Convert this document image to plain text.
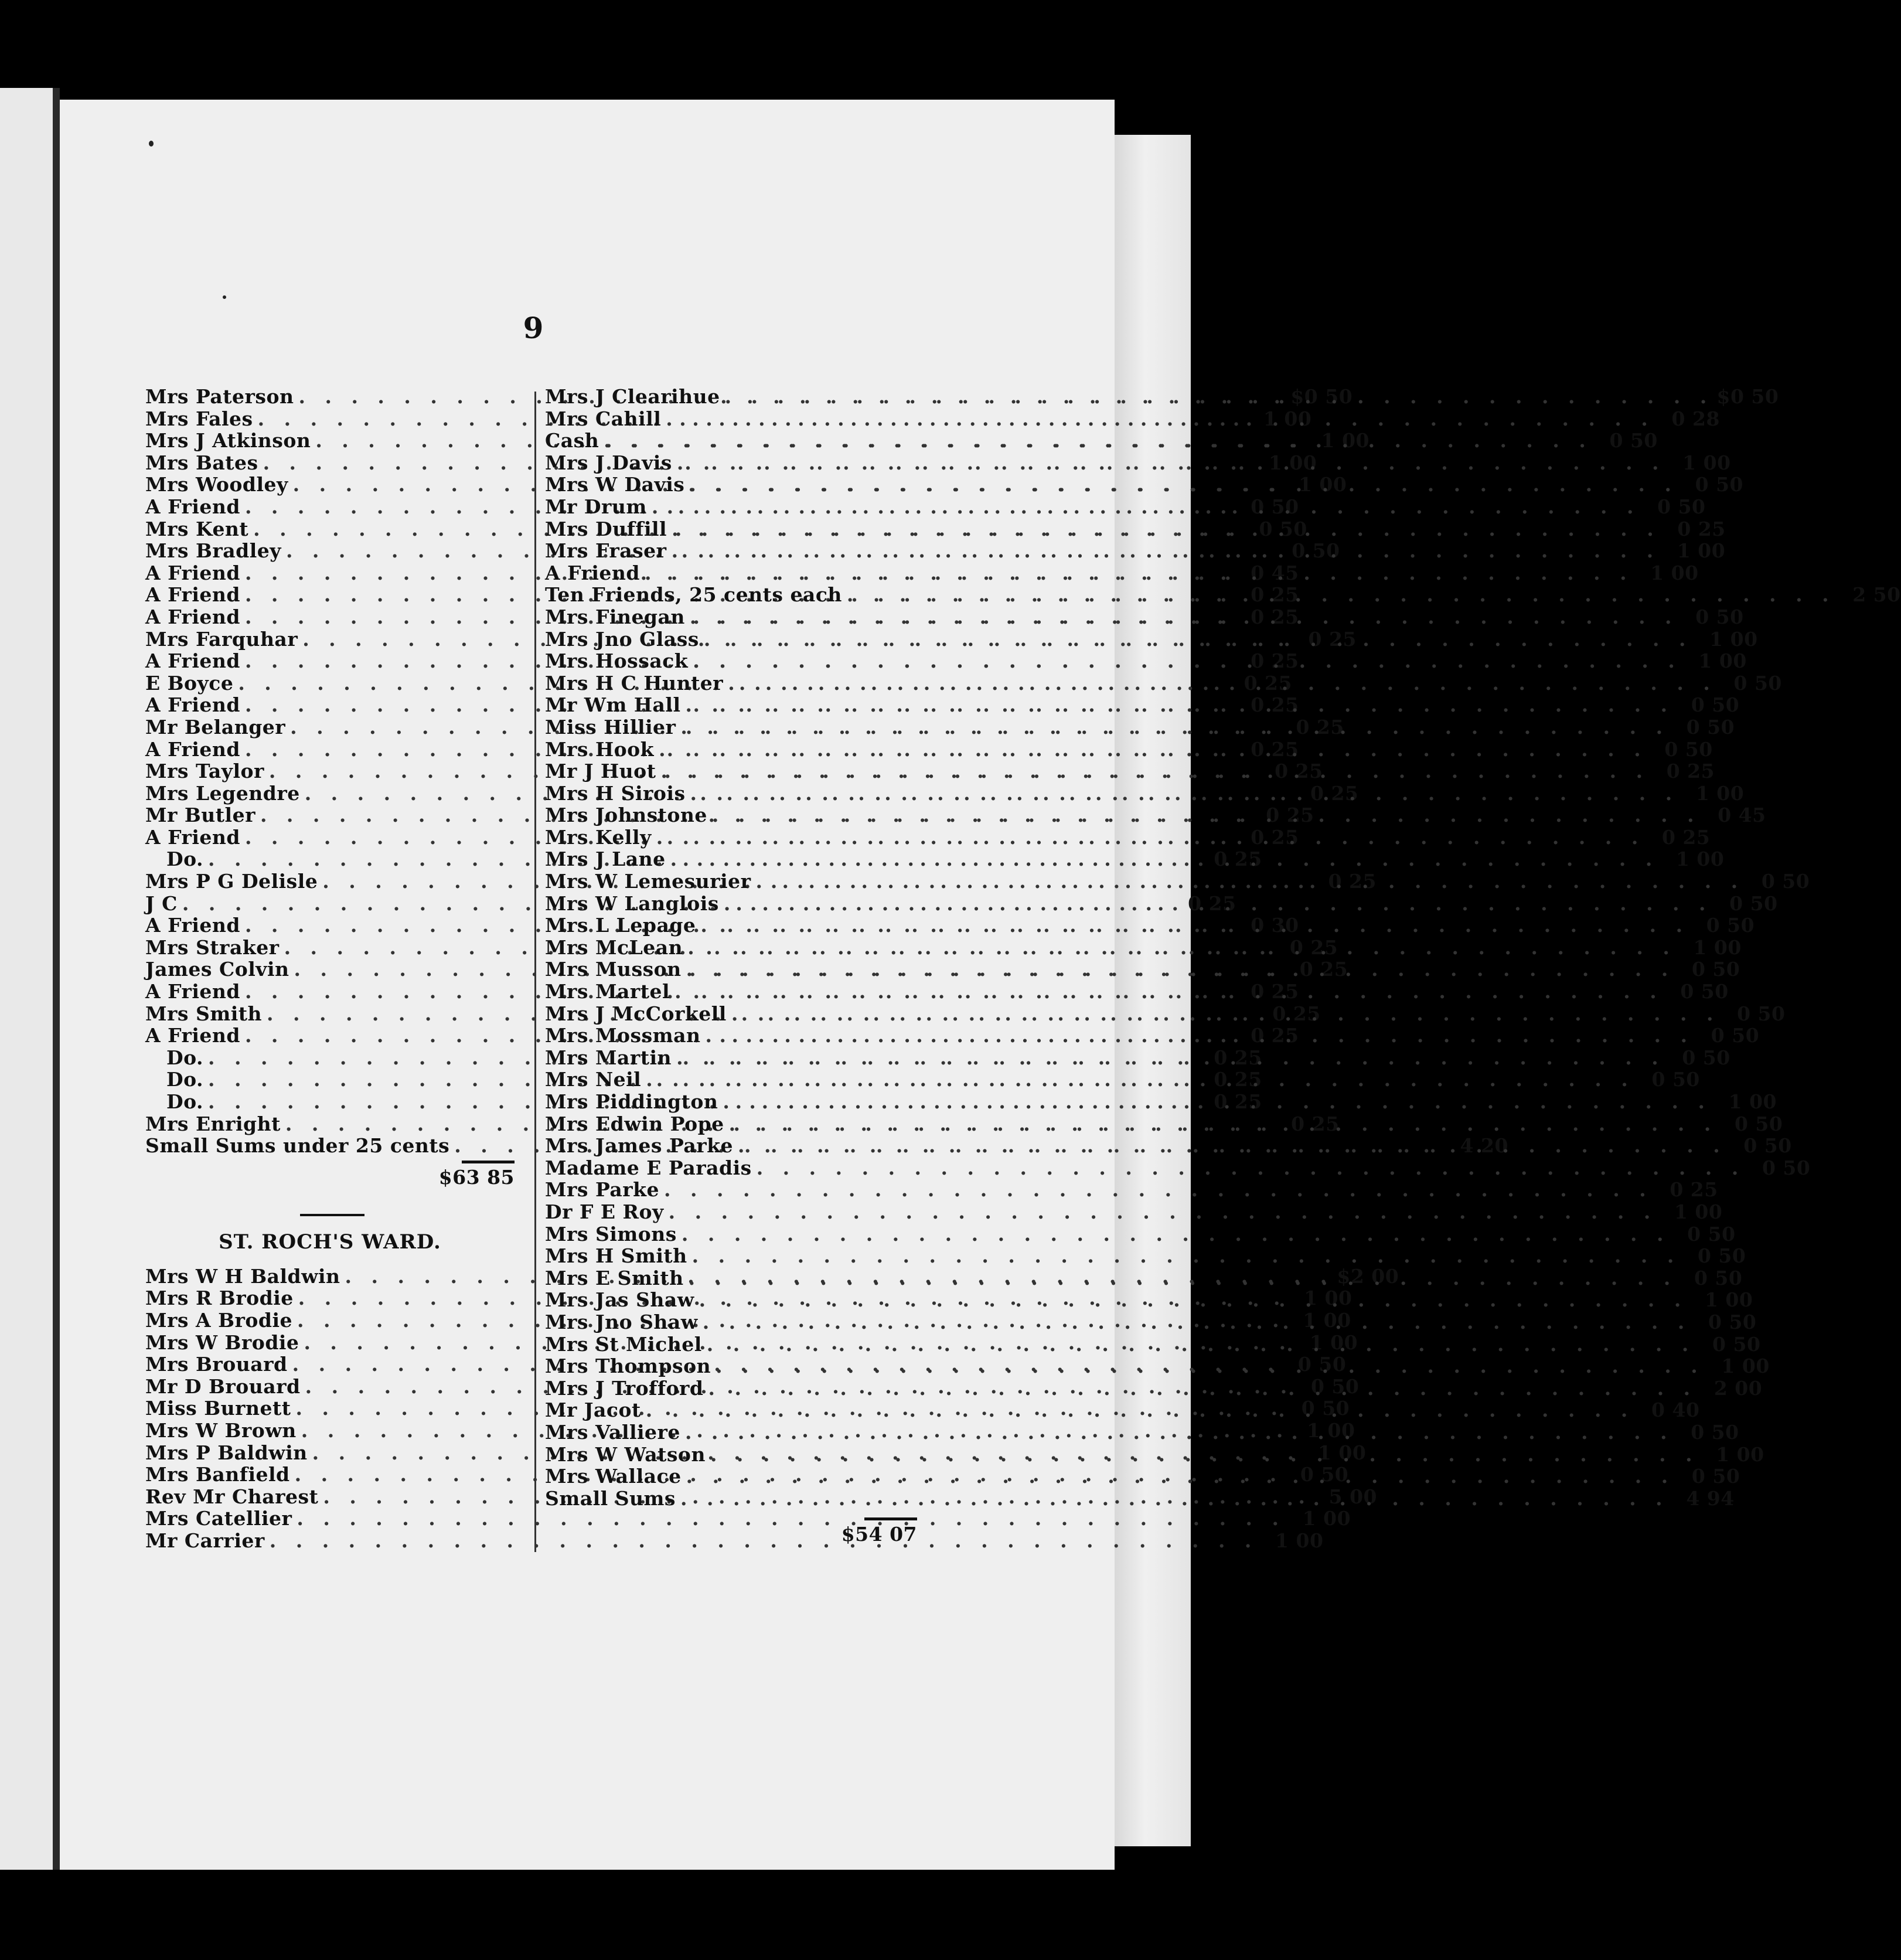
9
Mrs Paterson . . .	$0 50
Mrs Fales . . .	1 00
Mrs J Atkinson . . .	1 00
Mrs Bates . . .	1 00
Mrs Woodley . . .	1 00
A Friend . . .	0 50
Mrs Kent . . .	0 50
Mrs Bradley . . .	0 50
A Friend . . .	0 45
A Friend . . .	0 25
A Friend . . .	0 25
Mrs Farquhar . . .	0 25
A Friend . . .	0 25
E Boyce . . .	0 25
A Friend . . .	0 25
Mr Belanger . . .	0 25
A Friend . . .	0 25
Mrs Taylor . . .	0 25
Mrs Legendre . . .	0 25
Mr Butler . . .	0 25
A Friend . . .	0 25
Do. . . .	0 25
Mrs P G Delisle . . .	0 25
J C . . .	0 25
A Friend . . .	0 30
Mrs Straker . . .	0 25
James Colvin . . .	0 25
A Friend . . .	0 25
Mrs Smith . . .	0 25
A Friend . . .	0 25
Do. . . .	0 25
Do. . . .	0 25
Do. . . .	0 25
Mrs Enright . . .	0 25
Small Sums under 25 cents . . .	4 20
$63 85
ST. ROCH'S WARD.
Mrs W H Baldwin . . .	$2 00
Mrs R Brodie . . .	1 00
Mrs A Brodie . . .	1 00
Mrs W Brodie . . .	1 00
Mrs Brouard . . .	0 50
Mr D Brouard . . .	0 50
Miss Burnett . . .	0 50
Mrs W Brown . . .	1 00
Mrs P Baldwin . . .	1 00
Mrs Banfield . . .	0 50
Rev Mr Charest . . .	5 00
Mrs Catellier . . .	1 00
Mr Carrier . . .	1 00
Mrs J Clearihue . . .	$0 50
Mrs Cahill . . .	0 28
Cash . . .	0 50
Mrs J Davis . . .	1 00
Mrs W Davis . . .	0 50
Mr Drum . . .	0 50
Mrs Duffill . . .	0 25
Mrs Fraser . . .	1 00
A Friend . . .	1 00
Ten Friends, 25 cents each . . .	2 50
Mrs Finegan . . .	0 50
Mrs Jno Glass . . .	1 00
Mrs Hossack . . .	1 00
Mrs H C Hunter . . .	0 50
Mr Wm Hall . . .	0 50
Miss Hillier . . .	0 50
Mrs Hook . . .	0 50
Mr J Huot . . .	0 25
Mrs H Sirois . . .	1 00
Mrs Johnstone . . .	0 45
Mrs Kelly . . .	0 25
Mrs J Lane . . .	1 00
Mrs W Lemesurier . . .	0 50
Mrs W Langlois . . .	0 50
Mrs L Lepage . . .	0 50
Mrs McLean . . .	1 00
Mrs Musson . . .	0 50
Mrs Martel . . .	0 50
Mrs J McCorkell . . .	0 50
Mrs Mossman . . .	0 50
Mrs Martin . . .	0 50
Mrs Neil . . .	0 50
Mrs Piddington . . .	1 00
Mrs Edwin Pope . . .	0 50
Mrs James Parke . . .	0 50
Madame E Paradis . . .	0 50
Mrs Parke . . .	0 25
Dr F E Roy . . .	1 00
Mrs Simons . . .	0 50
Mrs H Smith . . .	0 50
Mrs E Smith . . .	0 50
Mrs Jas Shaw . . .	1 00
Mrs Jno Shaw . . .	0 50
Mrs St Michel . . .	0 50
Mrs Thompson . . .	1 00
Mrs J Trofford . . .	2 00
Mr Jacot . . .	0 40
Mrs Valliere . . .	0 50
Mrs W Watson . . .	1 00
Mrs Wallace . . .	0 50
Small Sums . . .	4 94
$54 07
